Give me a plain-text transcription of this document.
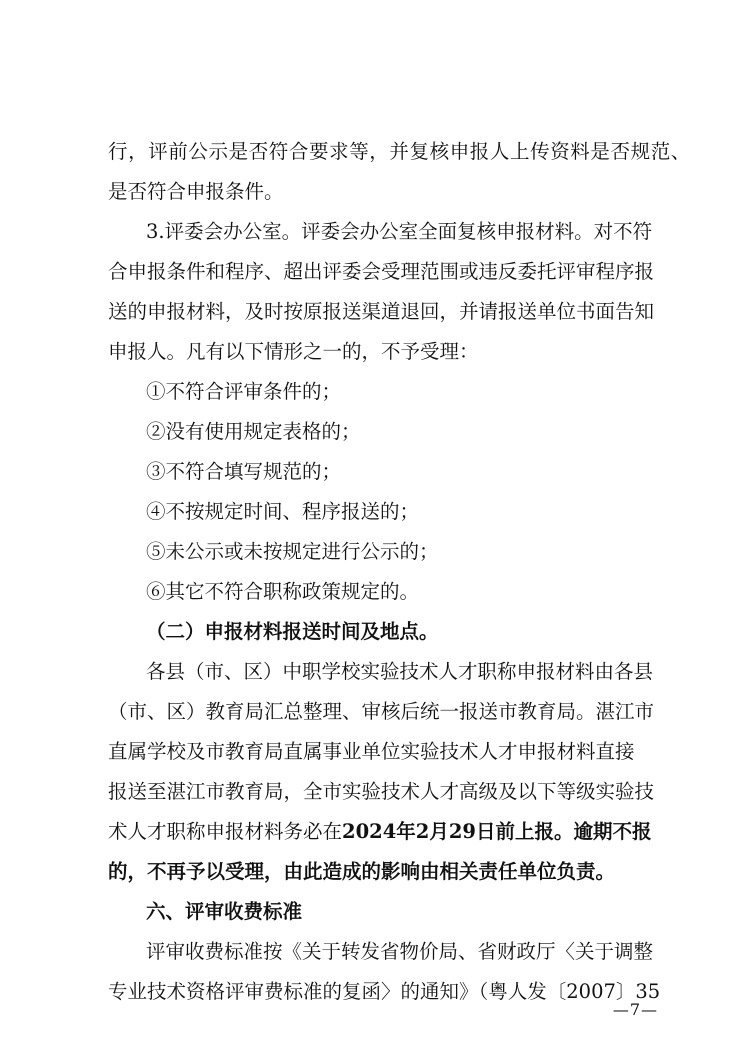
行，评前公示是否符合要求等，并复核申报人上传资料是否规范、
是否符合申报条件。
3.评委会办公室。评委会办公室全面复核申报材料。对不符
合申报条件和程序、超出评委会受理范围或违反委托评审程序报
送的申报材料，及时按原报送渠道退回，并请报送单位书面告知
申报人。凡有以下情形之一的，不予受理：
①不符合评审条件的；
②没有使用规定表格的；
③不符合填写规范的；
④不按规定时间、程序报送的；
⑤未公示或未按规定进行公示的；
⑥其它不符合职称政策规定的。
（二）申报材料报送时间及地点。
各县（市、区）中职学校实验技术人才职称申报材料由各县
（市、区）教育局汇总整理、审核后统一报送市教育局。湛江市
直属学校及市教育局直属事业单位实验技术人才申报材料直接
报送至湛江市教育局，全市实验技术人才高级及以下等级实验技
术人才职称申报材料务必在2024年2月29日前上报。逾期不报
的，不再予以受理，由此造成的影响由相关责任单位负责。
六、评审收费标准
评审收费标准按《关于转发省物价局、省财政厅〈关于调整
专业技术资格评审费标准的复函〉的通知》（粤人发〔2007〕35
—7—
